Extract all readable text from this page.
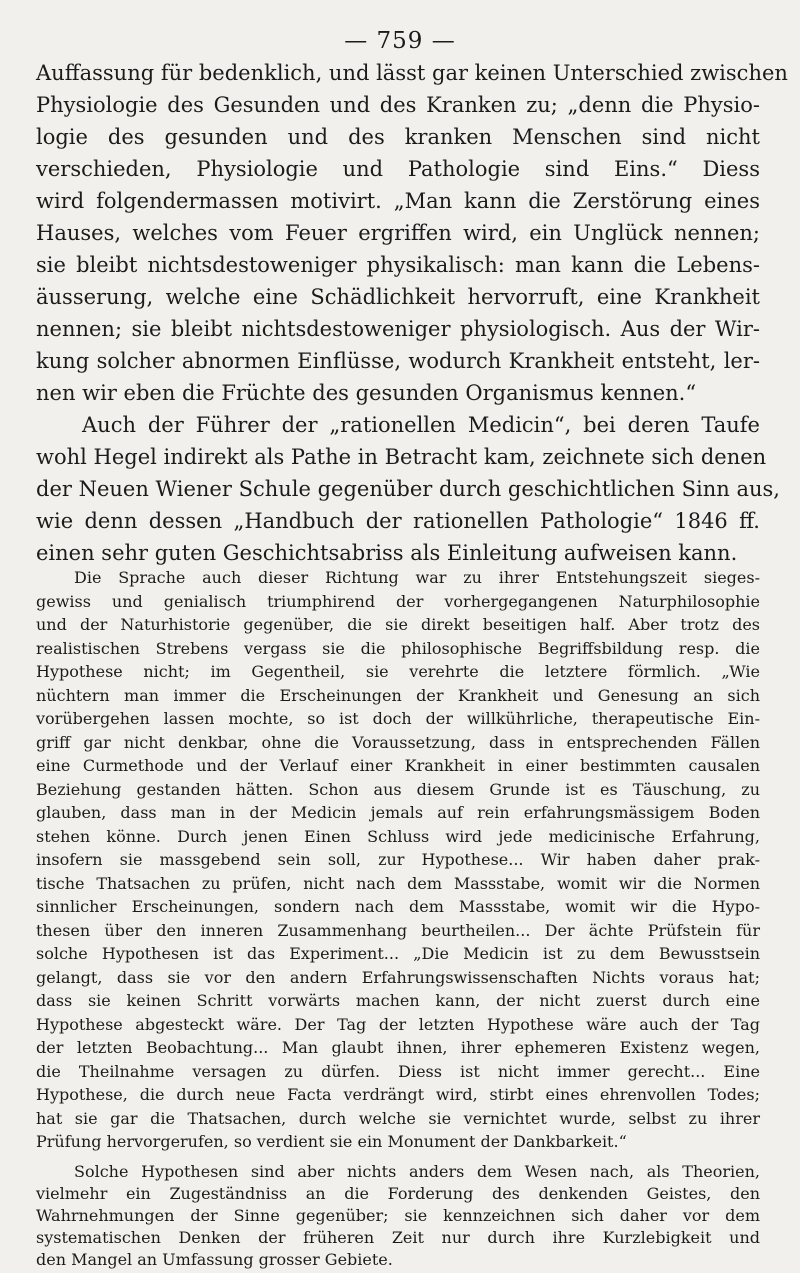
— 759 —

Auffassung für bedenklich, und lässt gar keinen Unterschied zwischen

Physiologie des Gesunden und des Kranken zu; „denn die Physio-

logie des gesunden und des kranken Menschen sind nicht

verschieden, Physiologie und Pathologie sind Eins.“ Diess

wird folgendermassen motivirt. „Man kann die Zerstörung eines

Hauses, welches vom Feuer ergriffen wird, ein Unglück nennen;

sie bleibt nichtsdestoweniger physikalisch: man kann die Lebens-

äusserung, welche eine Schädlichkeit hervorruft, eine Krankheit

nennen; sie bleibt nichtsdestoweniger physiologisch. Aus der Wir-

kung solcher abnormen Einflüsse, wodurch Krankheit entsteht, ler-

nen wir eben die Früchte des gesunden Organismus kennen.“

Auch der Führer der „rationellen Medicin“, bei deren Taufe

wohl Hegel indirekt als Pathe in Betracht kam, zeichnete sich denen

der Neuen Wiener Schule gegenüber durch geschichtlichen Sinn aus,

wie denn dessen „Handbuch der rationellen Pathologie“ 1846 ff.

einen sehr guten Geschichtsabriss als Einleitung aufweisen kann.

Die Sprache auch dieser Richtung war zu ihrer Entstehungszeit sieges-

gewiss und genialisch triumphirend der vorhergegangenen Naturphilosophie

und der Naturhistorie gegenüber, die sie direkt beseitigen half. Aber trotz des

realistischen Strebens vergass sie die philosophische Begriffsbildung resp. die

Hypothese nicht; im Gegentheil, sie verehrte die letztere förmlich. „Wie

nüchtern man immer die Erscheinungen der Krankheit und Genesung an sich

vorübergehen lassen mochte, so ist doch der willkührliche, therapeutische Ein-

griff gar nicht denkbar, ohne die Voraussetzung, dass in entsprechenden Fällen

eine Curmethode und der Verlauf einer Krankheit in einer bestimmten causalen

Beziehung gestanden hätten. Schon aus diesem Grunde ist es Täuschung, zu

glauben, dass man in der Medicin jemals auf rein erfahrungsmässigem Boden

stehen könne. Durch jenen Einen Schluss wird jede medicinische Erfahrung,

insofern sie massgebend sein soll, zur Hypothese... Wir haben daher prak-

tische Thatsachen zu prüfen, nicht nach dem Massstabe, womit wir die Normen

sinnlicher Erscheinungen, sondern nach dem Massstabe, womit wir die Hypo-

thesen über den inneren Zusammenhang beurtheilen... Der ächte Prüfstein für

solche Hypothesen ist das Experiment... „Die Medicin ist zu dem Bewusstsein

gelangt, dass sie vor den andern Erfahrungswissenschaften Nichts voraus hat;

dass sie keinen Schritt vorwärts machen kann, der nicht zuerst durch eine

Hypothese abgesteckt wäre. Der Tag der letzten Hypothese wäre auch der Tag

der letzten Beobachtung... Man glaubt ihnen, ihrer ephemeren Existenz wegen,

die Theilnahme versagen zu dürfen. Diess ist nicht immer gerecht... Eine

Hypothese, die durch neue Facta verdrängt wird, stirbt eines ehrenvollen Todes;

hat sie gar die Thatsachen, durch welche sie vernichtet wurde, selbst zu ihrer

Prüfung hervorgerufen, so verdient sie ein Monument der Dankbarkeit.“

Solche Hypothesen sind aber nichts anders dem Wesen nach, als Theorien,

vielmehr ein Zugeständniss an die Forderung des denkenden Geistes, den

Wahrnehmungen der Sinne gegenüber; sie kennzeichnen sich daher vor dem

systematischen Denken der früheren Zeit nur durch ihre Kurzlebigkeit und

den Mangel an Umfassung grosser Gebiete.
